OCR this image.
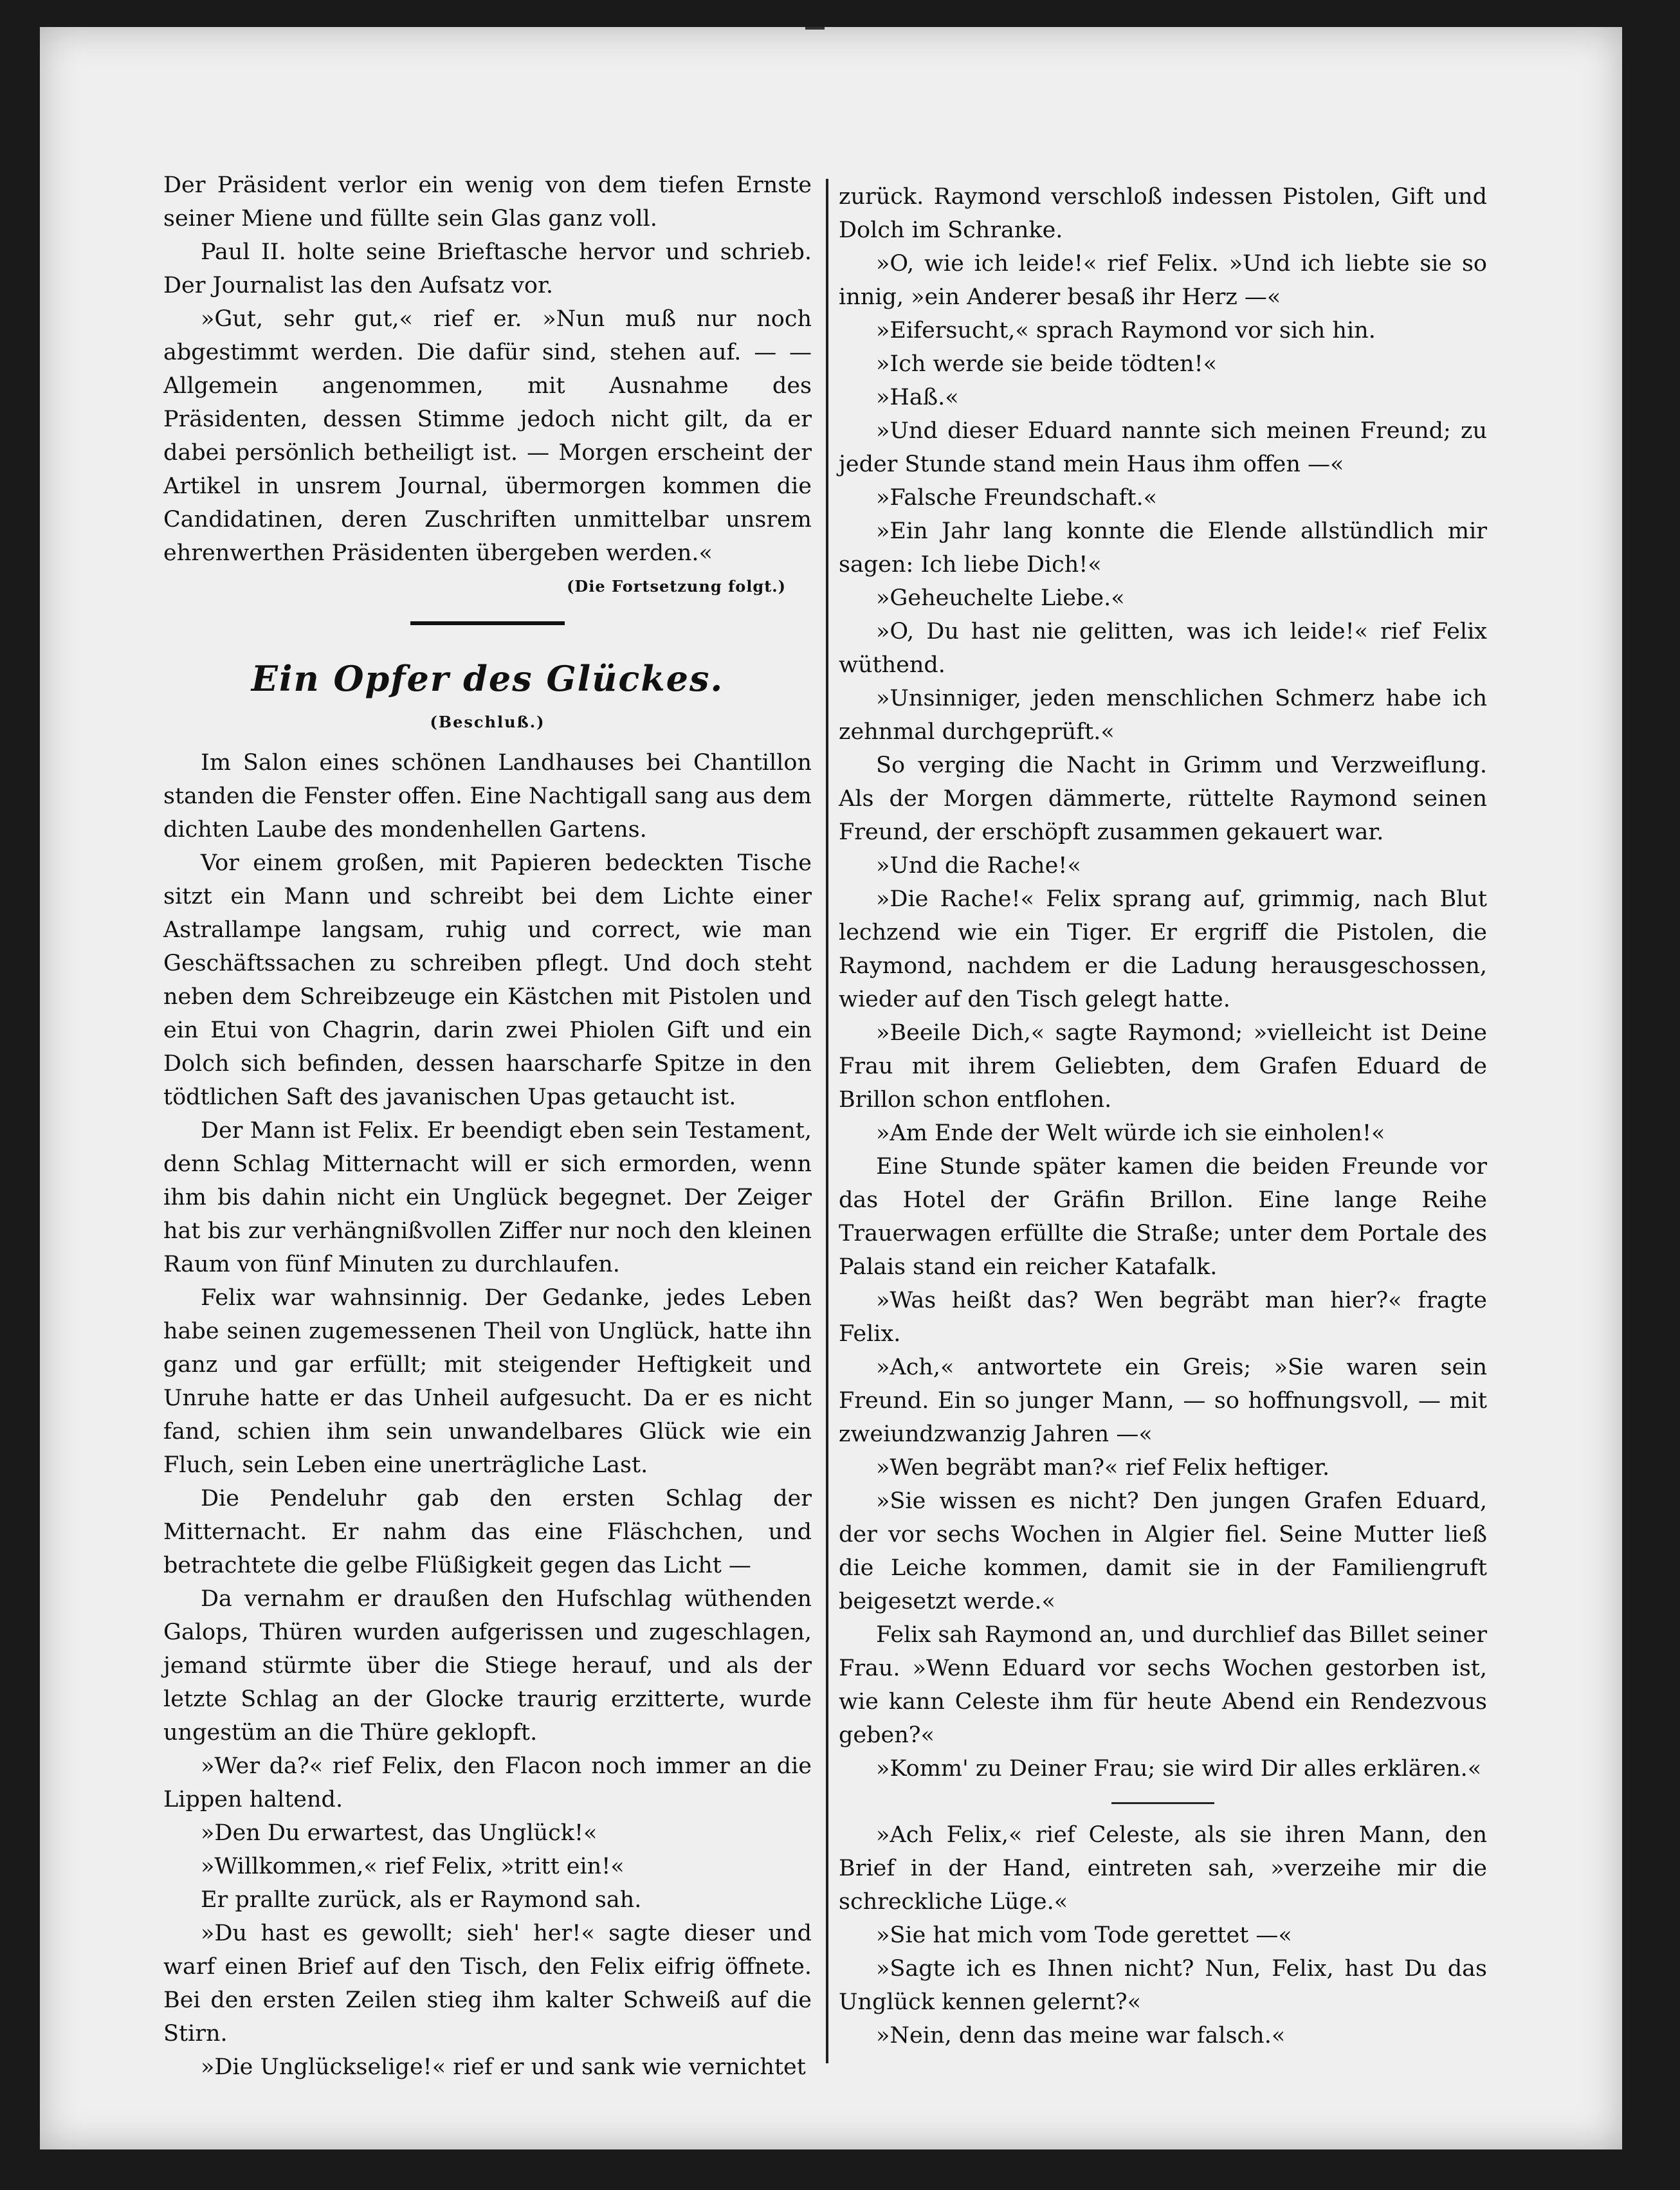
Der Präsident verlor ein wenig von dem tiefen Ernste seiner Miene und füllte sein Glas ganz voll.

Paul II. holte seine Brieftasche hervor und schrieb. Der Journalist las den Aufsatz vor.

»Gut, sehr gut,« rief er. »Nun muß nur noch abgestimmt werden. Die dafür sind, stehen auf. — — Allgemein angenommen, mit Ausnahme des Präsidenten, dessen Stimme jedoch nicht gilt, da er dabei persönlich betheiligt ist. — Morgen erscheint der Artikel in unsrem Journal, übermorgen kommen die Candidatinen, deren Zuschriften unmittelbar unsrem ehrenwerthen Präsidenten übergeben werden.«

(Die Fortsetzung folgt.)
Ein Opfer des Glückes.
(Beschluß.)

Im Salon eines schönen Landhauses bei Chantillon standen die Fenster offen. Eine Nachtigall sang aus dem dichten Laube des mondenhellen Gartens.

Vor einem großen, mit Papieren bedeckten Tische sitzt ein Mann und schreibt bei dem Lichte einer Astrallampe langsam, ruhig und correct, wie man Geschäftssachen zu schreiben pflegt. Und doch steht neben dem Schreibzeuge ein Kästchen mit Pistolen und ein Etui von Chagrin, darin zwei Phiolen Gift und ein Dolch sich befinden, dessen haarscharfe Spitze in den tödtlichen Saft des javanischen Upas getaucht ist.

Der Mann ist Felix. Er beendigt eben sein Testament, denn Schlag Mitternacht will er sich ermorden, wenn ihm bis dahin nicht ein Unglück begegnet. Der Zeiger hat bis zur verhängnißvollen Ziffer nur noch den kleinen Raum von fünf Minuten zu durchlaufen.

Felix war wahnsinnig. Der Gedanke, jedes Leben habe seinen zugemessenen Theil von Unglück, hatte ihn ganz und gar erfüllt; mit steigender Heftigkeit und Unruhe hatte er das Unheil aufgesucht. Da er es nicht fand, schien ihm sein unwandelbares Glück wie ein Fluch, sein Leben eine unerträgliche Last.

Die Pendeluhr gab den ersten Schlag der Mitternacht. Er nahm das eine Fläschchen, und betrachtete die gelbe Flüßigkeit gegen das Licht —

Da vernahm er draußen den Hufschlag wüthenden Galops, Thüren wurden aufgerissen und zugeschlagen, jemand stürmte über die Stiege herauf, und als der letzte Schlag an der Glocke traurig erzitterte, wurde ungestüm an die Thüre geklopft.

»Wer da?« rief Felix, den Flacon noch immer an die Lippen haltend.

»Den Du erwartest, das Unglück!«

»Willkommen,« rief Felix, »tritt ein!«

Er prallte zurück, als er Raymond sah.

»Du hast es gewollt; sieh' her!« sagte dieser und warf einen Brief auf den Tisch, den Felix eifrig öffnete. Bei den ersten Zeilen stieg ihm kalter Schweiß auf die Stirn.

»Die Unglückselige!« rief er und sank wie vernichtet

zurück. Raymond verschloß indessen Pistolen, Gift und Dolch im Schranke.

»O, wie ich leide!« rief Felix. »Und ich liebte sie so innig, »ein Anderer besaß ihr Herz —«

»Eifersucht,« sprach Raymond vor sich hin.

»Ich werde sie beide tödten!«

»Haß.«

»Und dieser Eduard nannte sich meinen Freund; zu jeder Stunde stand mein Haus ihm offen —«

»Falsche Freundschaft.«

»Ein Jahr lang konnte die Elende allstündlich mir sagen: Ich liebe Dich!«

»Geheuchelte Liebe.«

»O, Du hast nie gelitten, was ich leide!« rief Felix wüthend.

»Unsinniger, jeden menschlichen Schmerz habe ich zehnmal durchgeprüft.«

So verging die Nacht in Grimm und Verzweiflung. Als der Morgen dämmerte, rüttelte Raymond seinen Freund, der erschöpft zusammen gekauert war.

»Und die Rache!«

»Die Rache!« Felix sprang auf, grimmig, nach Blut lechzend wie ein Tiger. Er ergriff die Pistolen, die Raymond, nachdem er die Ladung herausgeschossen, wieder auf den Tisch gelegt hatte.

»Beeile Dich,« sagte Raymond; »vielleicht ist Deine Frau mit ihrem Geliebten, dem Grafen Eduard de Brillon schon entflohen.

»Am Ende der Welt würde ich sie einholen!«

Eine Stunde später kamen die beiden Freunde vor das Hotel der Gräfin Brillon. Eine lange Reihe Trauerwagen erfüllte die Straße; unter dem Portale des Palais stand ein reicher Katafalk.

»Was heißt das? Wen begräbt man hier?« fragte Felix.

»Ach,« antwortete ein Greis; »Sie waren sein Freund. Ein so junger Mann, — so hoffnungsvoll, — mit zweiundzwanzig Jahren —«

»Wen begräbt man?« rief Felix heftiger.

»Sie wissen es nicht? Den jungen Grafen Eduard, der vor sechs Wochen in Algier fiel. Seine Mutter ließ die Leiche kommen, damit sie in der Familiengruft beigesetzt werde.«

Felix sah Raymond an, und durchlief das Billet seiner Frau. »Wenn Eduard vor sechs Wochen gestorben ist, wie kann Celeste ihm für heute Abend ein Rendezvous geben?«

»Komm' zu Deiner Frau; sie wird Dir alles erklären.«

»Ach Felix,« rief Celeste, als sie ihren Mann, den Brief in der Hand, eintreten sah, »verzeihe mir die schreckliche Lüge.«

»Sie hat mich vom Tode gerettet —«

»Sagte ich es Ihnen nicht? Nun, Felix, hast Du das Unglück kennen gelernt?«

»Nein, denn das meine war falsch.«
